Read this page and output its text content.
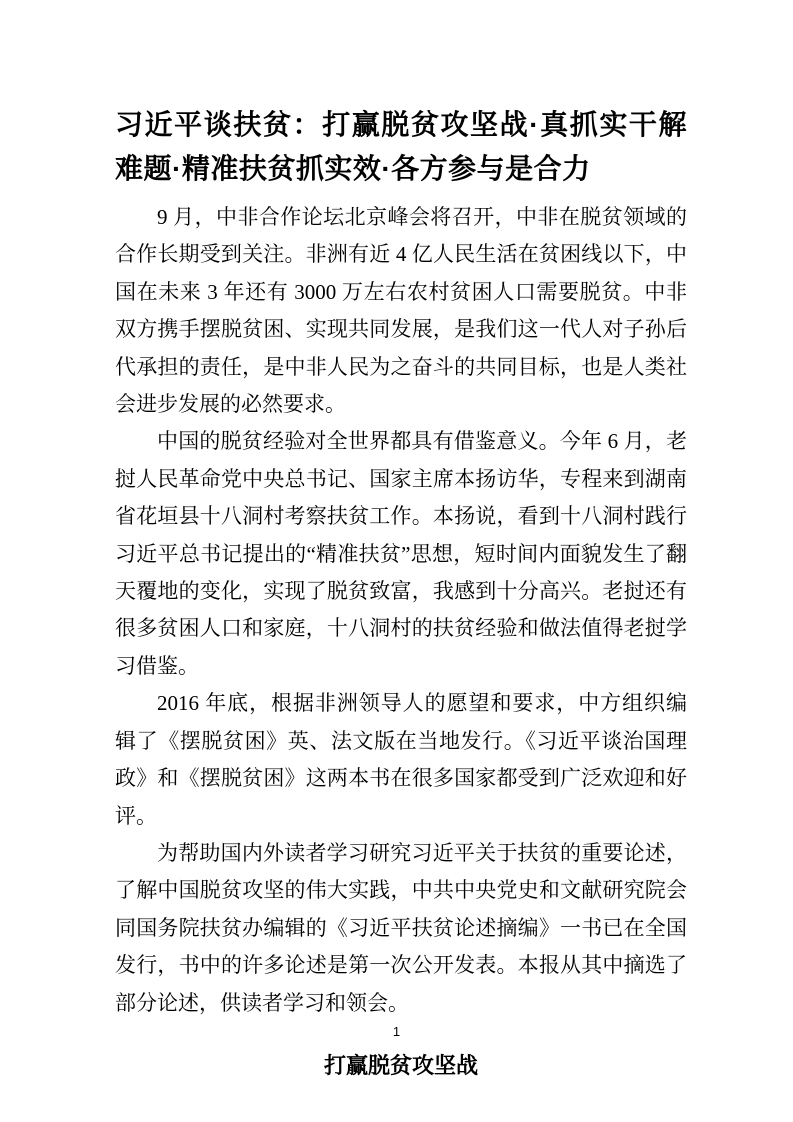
习近平谈扶贫：打赢脱贫攻坚战·真抓实干解难题·精准扶贫抓实效·各方参与是合力

9 月，中非合作论坛北京峰会将召开，中非在脱贫领域的合作长期受到关注。非洲有近 4 亿人民生活在贫困线以下，中国在未来 3 年还有 3000 万左右农村贫困人口需要脱贫。中非双方携手摆脱贫困、实现共同发展，是我们这一代人对子孙后代承担的责任，是中非人民为之奋斗的共同目标，也是人类社会进步发展的必然要求。

中国的脱贫经验对全世界都具有借鉴意义。今年 6 月，老挝人民革命党中央总书记、国家主席本扬访华，专程来到湖南省花垣县十八洞村考察扶贫工作。本扬说，看到十八洞村践行习近平总书记提出的“精准扶贫”思想，短时间内面貌发生了翻天覆地的变化，实现了脱贫致富，我感到十分高兴。老挝还有很多贫困人口和家庭，十八洞村的扶贫经验和做法值得老挝学习借鉴。

2016 年底，根据非洲领导人的愿望和要求，中方组织编辑了《摆脱贫困》英、法文版在当地发行。《习近平谈治国理政》和《摆脱贫困》这两本书在很多国家都受到广泛欢迎和好评。

为帮助国内外读者学习研究习近平关于扶贫的重要论述，了解中国脱贫攻坚的伟大实践，中共中央党史和文献研究院会同国务院扶贫办编辑的《习近平扶贫论述摘编》一书已在全国发行，书中的许多论述是第一次公开发表。本报从其中摘选了部分论述，供读者学习和领会。

打赢脱贫攻坚战
1
